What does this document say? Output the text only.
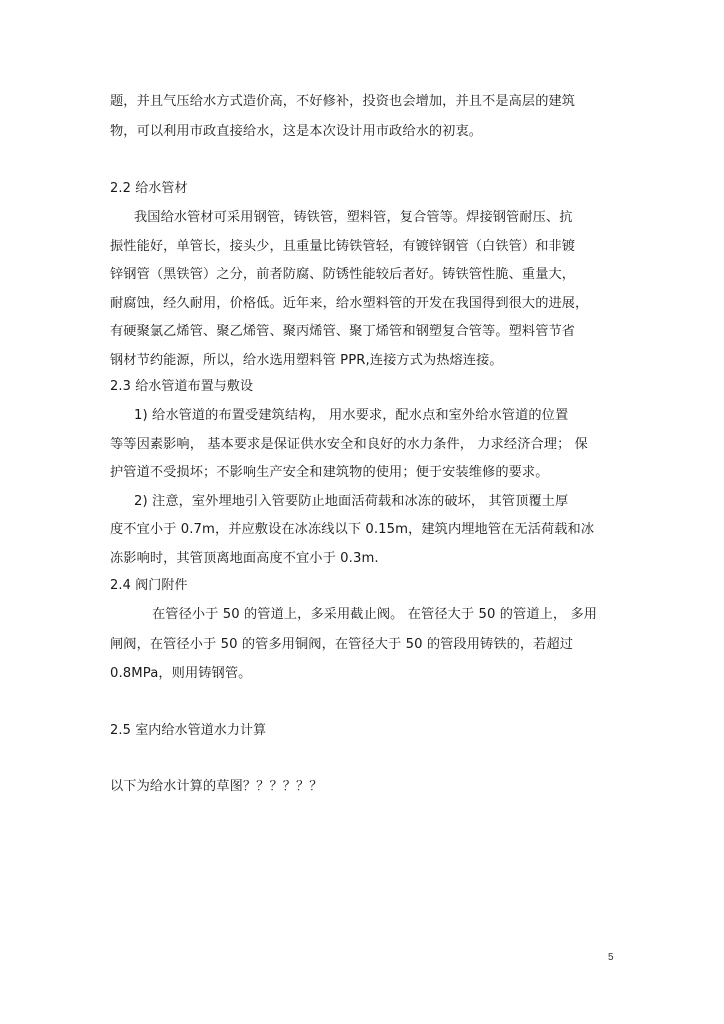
题，并且气压给水方式造价高，不好修补，投资也会增加，并且不是高层的建筑
物，可以利用市政直接给水，这是本次设计用市政给水的初衷。
2.2 给水管材
我国给水管材可采用钢管，铸铁管，塑料管，复合管等。焊接钢管耐压、抗
振性能好，单管长，接头少，且重量比铸铁管轻，有镀锌钢管（白铁管）和非镀
锌钢管（黑铁管）之分，前者防腐、防锈性能较后者好。铸铁管性脆、重量大，
耐腐蚀，经久耐用，价格低。近年来，给水塑料管的开发在我国得到很大的进展，
有硬聚氯乙烯管、聚乙烯管、聚丙烯管、聚丁烯管和钢塑复合管等。塑料管节省
钢材节约能源，所以，给水选用塑料管 PPR,连接方式为热熔连接。
2.3 给水管道布置与敷设
1) 给水管道的布置受建筑结构， 用水要求，配水点和室外给水管道的位置
等等因素影响， 基本要求是保证供水安全和良好的水力条件， 力求经济合理； 保
护管道不受损坏；不影响生产安全和建筑物的使用；便于安装维修的要求。
2) 注意，室外埋地引入管要防止地面活荷载和冰冻的破坏， 其管顶覆土厚
度不宜小于 0.7m，并应敷设在冰冻线以下 0.15m，建筑内埋地管在无活荷载和冰
冻影响时，其管顶离地面高度不宜小于 0.3m.
2.4 阀门附件
在管径小于 50 的管道上，多采用截止阀。 在管径大于 50 的管道上， 多用
闸阀，在管径小于 50 的管多用铜阀，在管径大于 50 的管段用铸铁的，若超过
0.8MPa，则用铸钢管。
2.5 室内给水管道水力计算
以下为给水计算的草图？？？？？？
5
